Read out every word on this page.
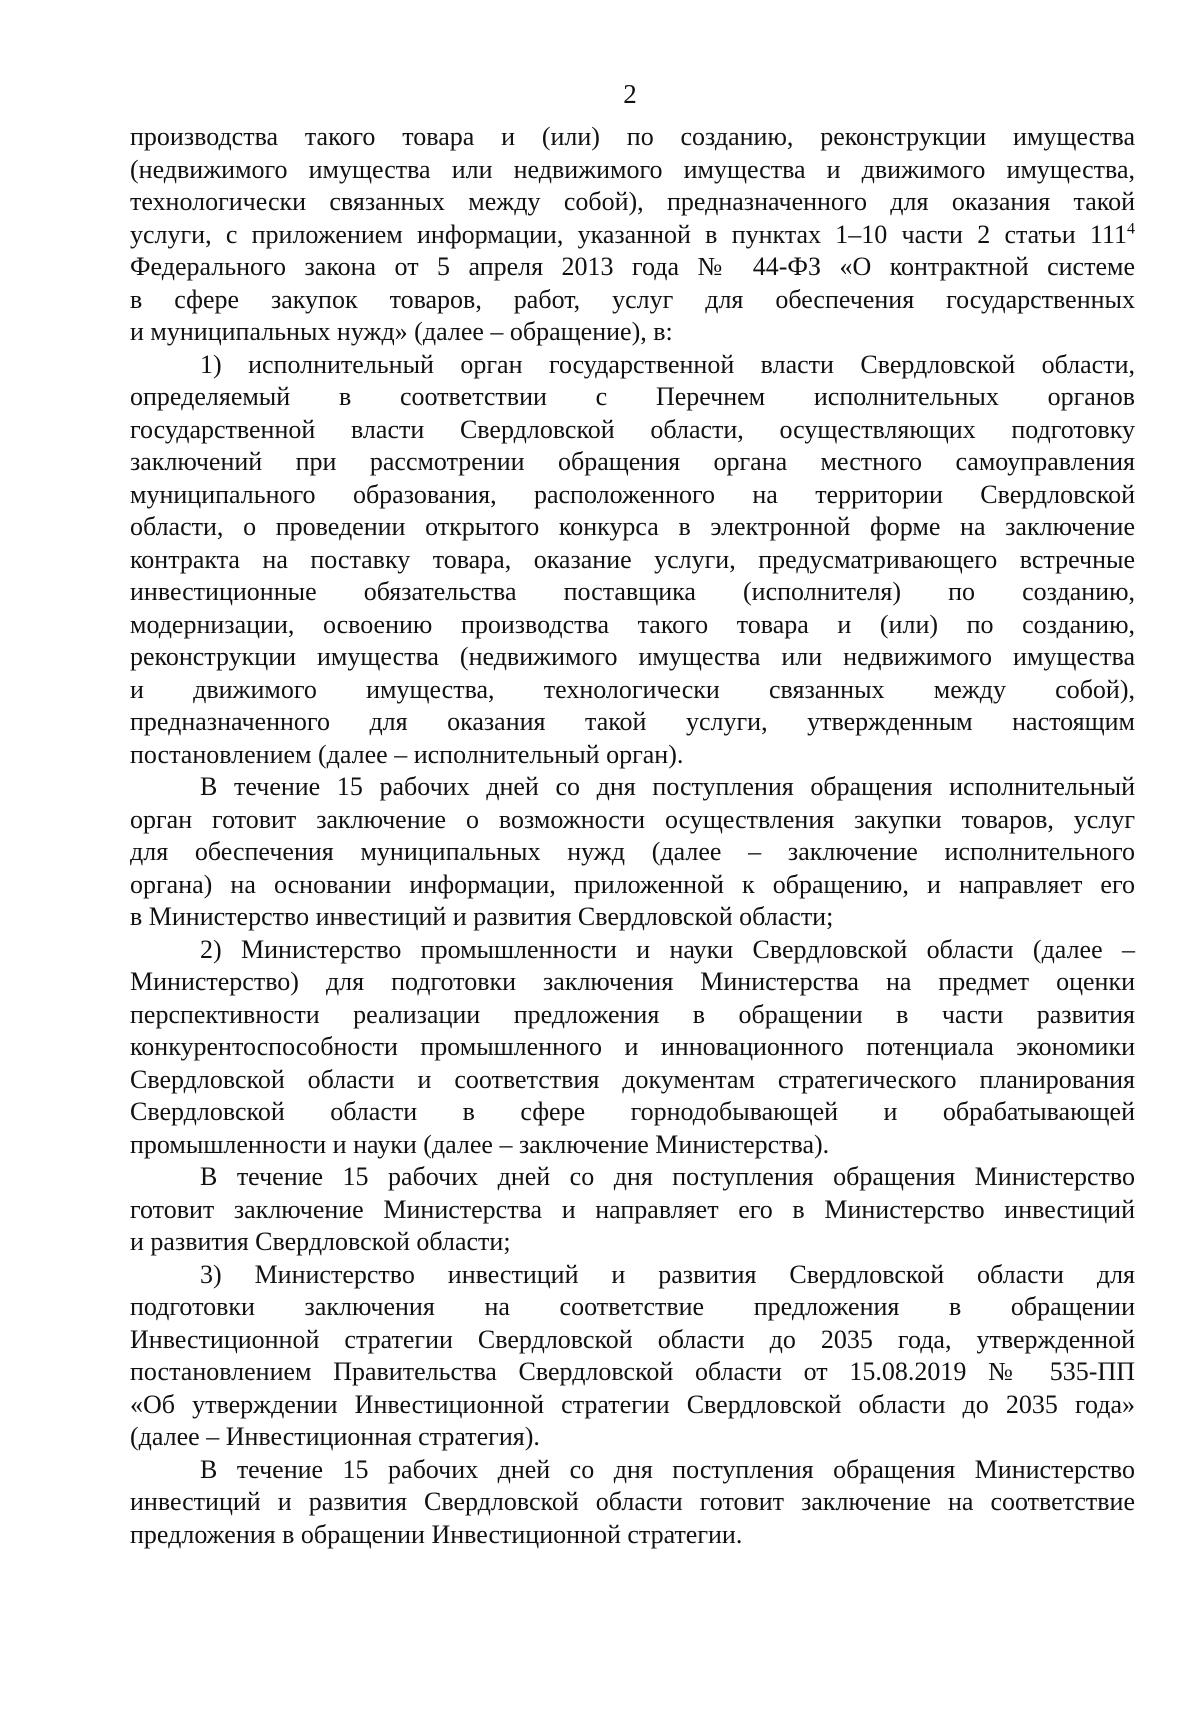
2
производства такого товара и (или) по созданию, реконструкции имущества
(недвижимого имущества или недвижимого имущества и движимого имущества,
технологически связанных между собой), предназначенного для оказания такой
услуги, с приложением информации, указанной в пунктах 1–10 части 2 статьи $111^4$
Федерального закона от 5 апреля 2013 года № 44-ФЗ «О контрактной системе
в сфере закупок товаров, работ, услуг для обеспечения государственных
и муниципальных нужд» (далее – обращение), в:
1) исполнительный орган государственной власти Свердловской области,
определяемый в соответствии с Перечнем исполнительных органов
государственной власти Свердловской области, осуществляющих подготовку
заключений при рассмотрении обращения органа местного самоуправления
муниципального образования, расположенного на территории Свердловской
области, о проведении открытого конкурса в электронной форме на заключение
контракта на поставку товара, оказание услуги, предусматривающего встречные
инвестиционные обязательства поставщика (исполнителя) по созданию,
модернизации, освоению производства такого товара и (или) по созданию,
реконструкции имущества (недвижимого имущества или недвижимого имущества
и движимого имущества, технологически связанных между собой),
предназначенного для оказания такой услуги, утвержденным настоящим
постановлением (далее – исполнительный орган).
В течение 15 рабочих дней со дня поступления обращения исполнительный
орган готовит заключение о возможности осуществления закупки товаров, услуг
для обеспечения муниципальных нужд (далее – заключение исполнительного
органа) на основании информации, приложенной к обращению, и направляет его
в Министерство инвестиций и развития Свердловской области;
2) Министерство промышленности и науки Свердловской области (далее –
Министерство) для подготовки заключения Министерства на предмет оценки
перспективности реализации предложения в обращении в части развития
конкурентоспособности промышленного и инновационного потенциала экономики
Свердловской области и соответствия документам стратегического планирования
Свердловской области в сфере горнодобывающей и обрабатывающей
промышленности и науки (далее – заключение Министерства).
В течение 15 рабочих дней со дня поступления обращения Министерство
готовит заключение Министерства и направляет его в Министерство инвестиций
и развития Свердловской области;
3) Министерство инвестиций и развития Свердловской области для
подготовки заключения на соответствие предложения в обращении
Инвестиционной стратегии Свердловской области до 2035 года, утвержденной
постановлением Правительства Свердловской области от 15.08.2019 № 535-ПП
«Об утверждении Инвестиционной стратегии Свердловской области до 2035 года»
(далее – Инвестиционная стратегия).
В течение 15 рабочих дней со дня поступления обращения Министерство
инвестиций и развития Свердловской области готовит заключение на соответствие
предложения в обращении Инвестиционной стратегии.
